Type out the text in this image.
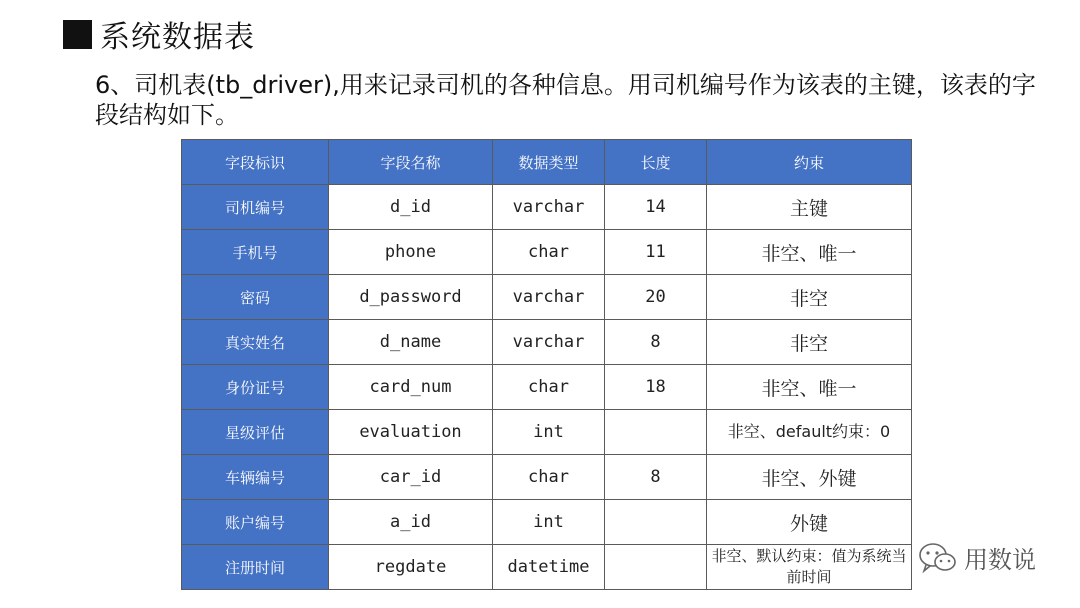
系统数据表
6、司机表(tb_driver),用来记录司机的各种信息。用司机编号作为该表的主键，该表的字段结构如下。
字段标识	字段名称	数据类型	长度	约束
司机编号	d_id	varchar	14	主键
手机号	phone	char	11	非空、唯一
密码	d_password	varchar	20	非空
真实姓名	d_name	varchar	8	非空
身份证号	card_num	char	18	非空、唯一
星级评估	evaluation	int		非空、default约束：0
车辆编号	car_id	char	8	非空、外键
账户编号	a_id	int		外键
注册时间	regdate	datetime		非空、默认约束：值为系统当前时间
用数说
